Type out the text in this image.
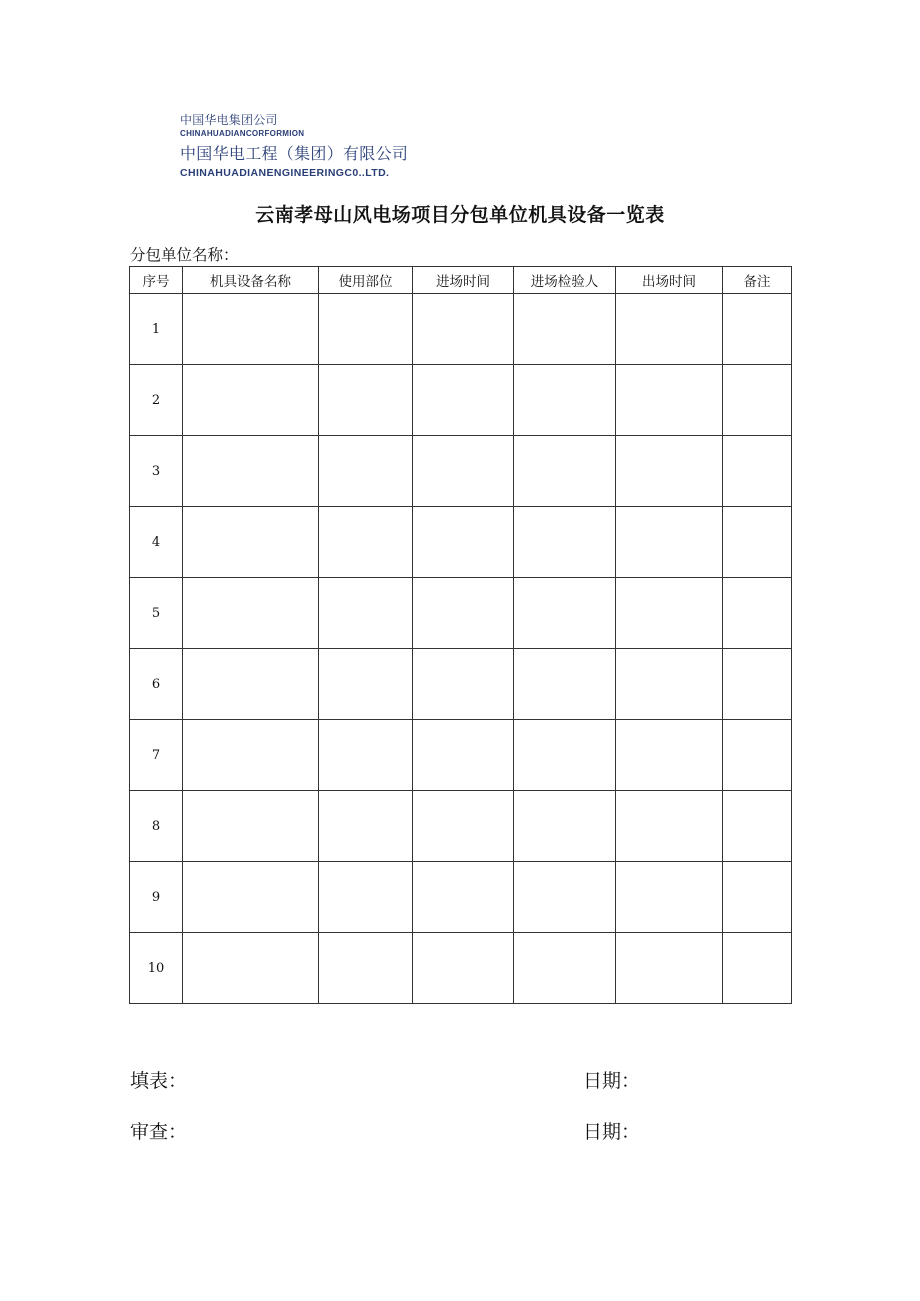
中国华电集团公司
CHINAHUADIANCORFORMION
中国华电工程（集团）有限公司
CHINAHUADIANENGINEERINGC0..LTD.
云南孝母山风电场项目分包单位机具设备一览表
分包单位名称：
序号	机具设备名称	使用部位	进场时间	进场检验人	出场时间	备注
1						
2						
3						
4						
5						
6						
7						
8						
9						
10						
填表：	日期：
审查：	日期：
